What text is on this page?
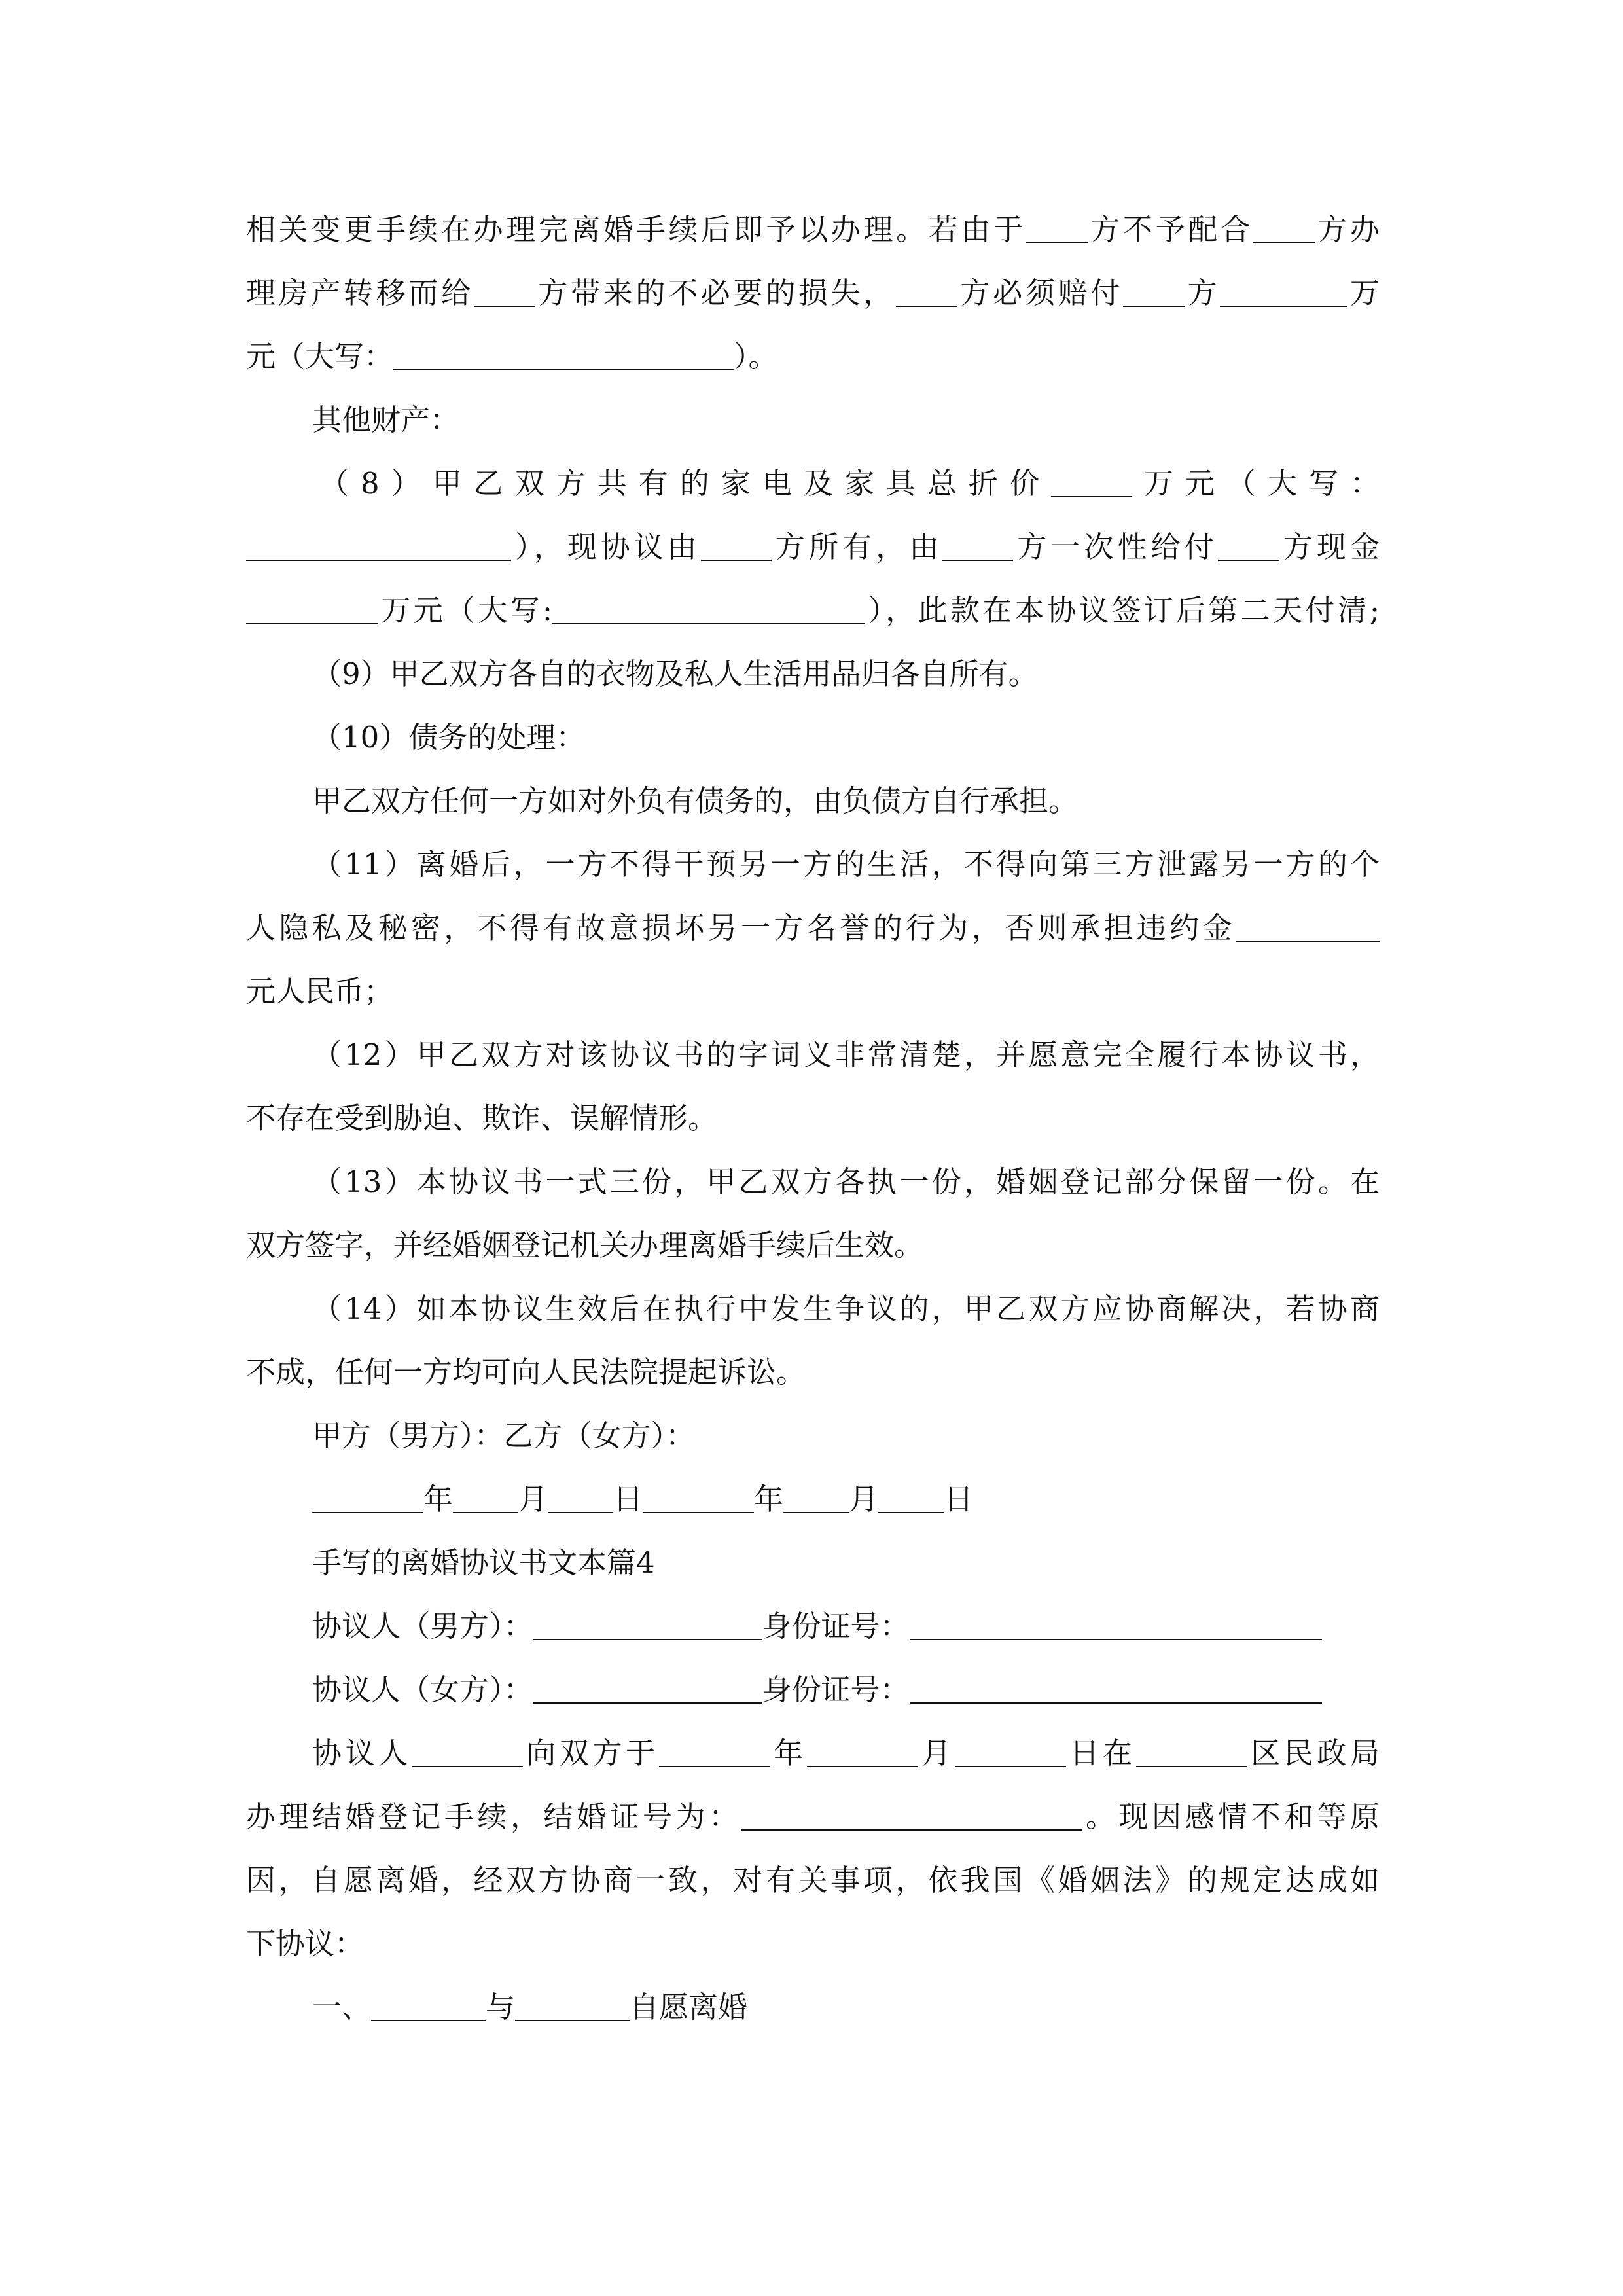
相关变更手续在办理完离婚手续后即予以办理。若由于 方不予配合 方办
理房产转移而给 方带来的不必要的损失， 方必须赔付 方	万
元（大写：	）。

其他财产：

（8）甲乙双方共有的家电及家具总折价	万元（大写：
），现协议由 方所有，由 方一次性给付 方现金
万元（大写:	），此款在本协议签订后第二天付清;

（9）甲乙双方各自的衣物及私人生活用品归各自所有。

（10）债务的处理：

甲乙双方任何一方如对外负有债务的，由负债方自行承担。

（11）离婚后，一方不得干预另一方的生活，不得向第三方泄露另一方的个
人隐私及秘密，不得有故意损坏另一方名誉的行为，否则承担违约金
元人民币；
（12）甲乙双方对该协议书的字词义非常清楚，并愿意完全履行本协议书，
不存在受到胁迫、欺诈、误解情形。
（13）本协议书一式三份，甲乙双方各执一份，婚姻登记部分保留一份。在
双方签字，并经婚姻登记机关办理离婚手续后生效。
（14）如本协议生效后在执行中发生争议的，甲乙双方应协商解决，若协商
不成，任何一方均可向人民法院提起诉讼。

甲方（男方）：乙方（女方）：

年 月 日	年 月 日

手写的离婚协议书文本篇4

协议人（男方）：	身份证号：
协议人（女方）：	身份证号：
协议人	向双方于	年	月	日在	区民政局
办理结婚登记手续，结婚证号为：	。现因感情不和等原
因，自愿离婚，经双方协商一致，对有关事项，依我国《婚姻法》的规定达成如
下协议：
一、	与	自愿离婚
